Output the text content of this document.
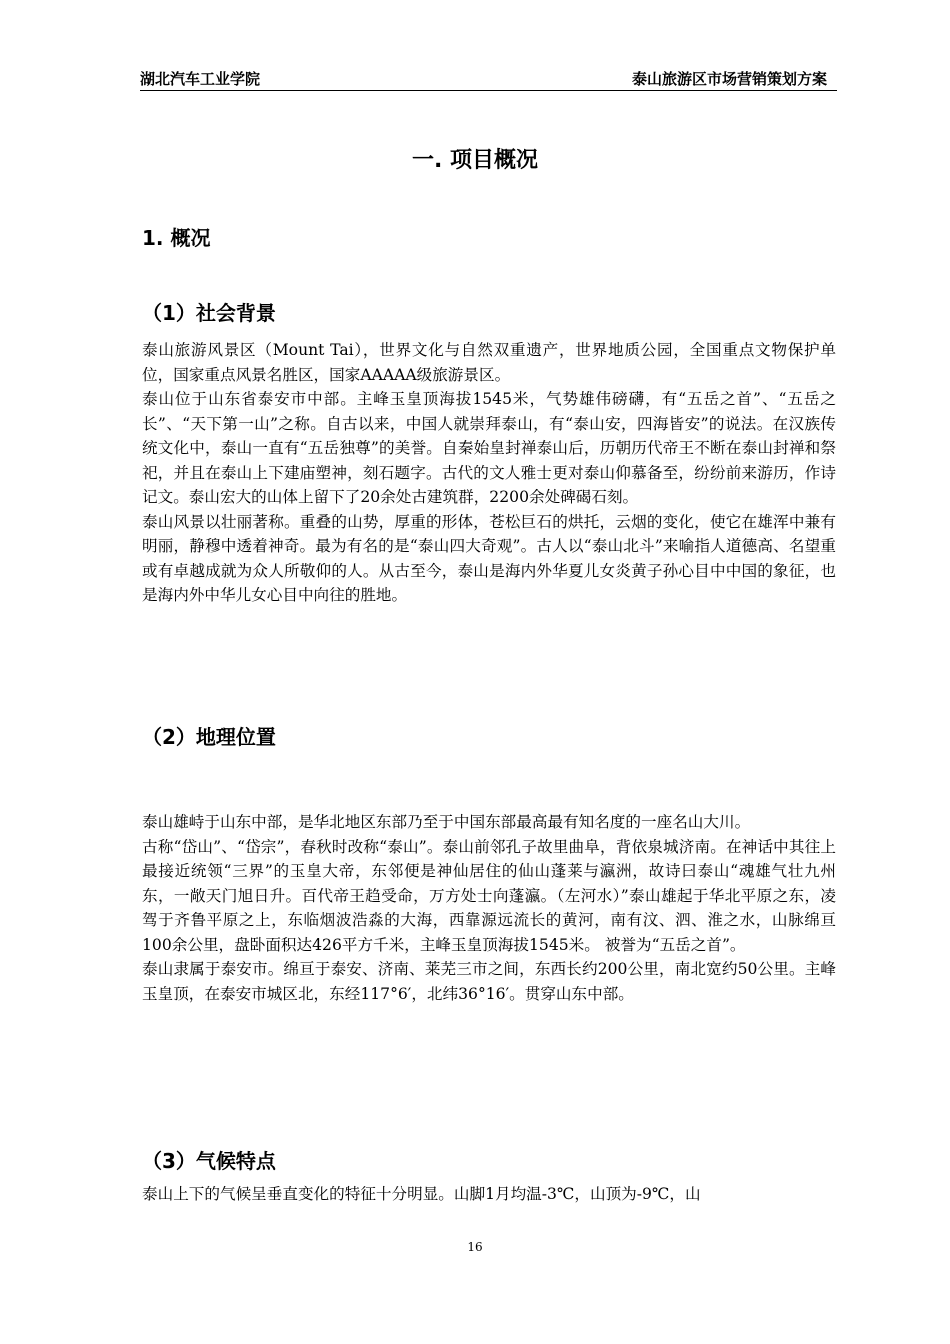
湖北汽车工业学院	泰山旅游区市场营销策划方案
一. 项目概况
1. 概况
（1）社会背景

泰山旅游风景区（Mount Tai），世界文化与自然双重遗产，世界地质公园，全国重点文物保护单位，国家重点风景名胜区，国家AAAAA级旅游景区。

泰山位于山东省泰安市中部。主峰玉皇顶海拔1545米，气势雄伟磅礴，有“五岳之首”、“五岳之长”、“天下第一山”之称。自古以来，中国人就崇拜泰山，有“泰山安，四海皆安”的说法。在汉族传统文化中，泰山一直有“五岳独尊”的美誉。自秦始皇封禅泰山后，历朝历代帝王不断在泰山封禅和祭祀，并且在泰山上下建庙塑神，刻石题字。古代的文人雅士更对泰山仰慕备至，纷纷前来游历，作诗记文。泰山宏大的山体上留下了20余处古建筑群，2200余处碑碣石刻。

泰山风景以壮丽著称。重叠的山势，厚重的形体，苍松巨石的烘托，云烟的变化，使它在雄浑中兼有明丽，静穆中透着神奇。最为有名的是“泰山四大奇观”。古人以“泰山北斗”来喻指人道德高、名望重或有卓越成就为众人所敬仰的人。从古至今，泰山是海内外华夏儿女炎黄子孙心目中中国的象征，也是海内外中华儿女心目中向往的胜地。

（2）地理位置

泰山雄峙于山东中部，是华北地区东部乃至于中国东部最高最有知名度的一座名山大川。

古称“岱山”、“岱宗”，春秋时改称“泰山”。泰山前邻孔子故里曲阜，背依泉城济南。在神话中其往上最接近统领“三界”的玉皇大帝，东邻便是神仙居住的仙山蓬莱与瀛洲，故诗曰泰山“魂雄气壮九州东，一敞天门旭日升。百代帝王趋受命，万方处士向蓬瀛。（左河水）”泰山雄起于华北平原之东，凌驾于齐鲁平原之上，东临烟波浩淼的大海，西靠源远流长的黄河，南有汶、泗、淮之水，山脉绵亘100余公里，盘卧面积达426平方千米，主峰玉皇顶海拔1545米。 被誉为“五岳之首”。

泰山隶属于泰安市。绵亘于泰安、济南、莱芜三市之间，东西长约200公里，南北宽约50公里。主峰玉皇顶，在泰安市城区北，东经117°6′，北纬36°16′。贯穿山东中部。

（3）气候特点

泰山上下的气候呈垂直变化的特征十分明显。山脚1月均温-3℃，山顶为-9℃，山

16
